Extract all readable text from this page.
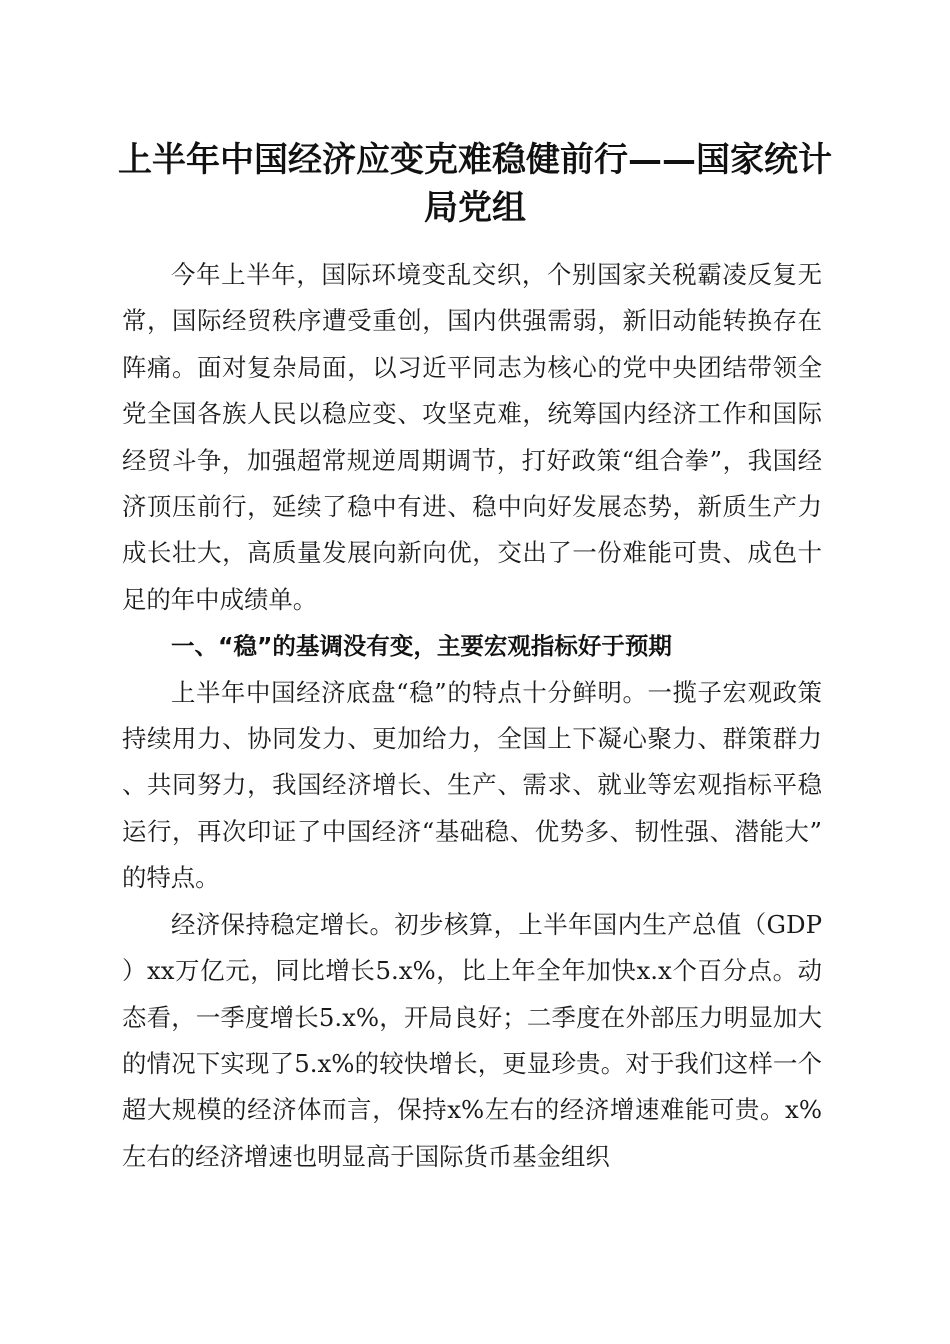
上半年中国经济应变克难稳健前行——国家统计局党组

今年上半年，国际环境变乱交织，个别国家关税霸凌反复无常，国际经贸秩序遭受重创，国内供强需弱，新旧动能转换存在阵痛。面对复杂局面，以习近平同志为核心的党中央团结带领全党全国各族人民以稳应变、攻坚克难，统筹国内经济工作和国际经贸斗争，加强超常规逆周期调节，打好政策“组合拳”，我国经济顶压前行，延续了稳中有进、稳中向好发展态势，新质生产力成长壮大，高质量发展向新向优，交出了一份难能可贵、成色十足的年中成绩单。

一、“稳”的基调没有变，主要宏观指标好于预期

上半年中国经济底盘“稳”的特点十分鲜明。一揽子宏观政策持续用力、协同发力、更加给力，全国上下凝心聚力、群策群力、共同努力，我国经济增长、生产、需求、就业等宏观指标平稳运行，再次印证了中国经济“基础稳、优势多、韧性强、潜能大”的特点。

经济保持稳定增长。初步核算，上半年国内生产总值（GDP）xx万亿元，同比增长5.x%，比上年全年加快x.x个百分点。动态看，一季度增长5.x%，开局良好；二季度在外部压力明显加大的情况下实现了5.x%的较快增长，更显珍贵。对于我们这样一个超大规模的经济体而言，保持x%左右的经济增速难能可贵。x%左右的经济增速也明显高于国际货币基金组织
